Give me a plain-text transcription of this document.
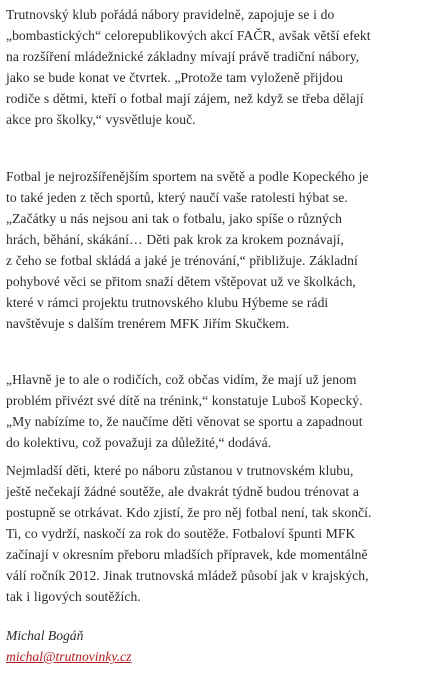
Trutnovský klub pořádá nábory pravidelně, zapojuje se i do
„bombastických“ celorepublikových akcí FAČR, avšak větší efekt
na rozšíření mládežnické základny mívají právě tradiční nábory,
jako se bude konat ve čtvrtek. „Protože tam vyloženě přijdou
rodiče s dětmi, kteří o fotbal mají zájem, než když se třeba dělají
akce pro školky,“ vysvětluje kouč.

Fotbal je nejrozšířenějším sportem na světě a podle Kopeckého je
to také jeden z těch sportů, který naučí vaše ratolesti hýbat se.
„Začátky u nás nejsou ani tak o fotbalu, jako spíše o různých
hrách, běhání, skákání… Děti pak krok za krokem poznávají,
z čeho se fotbal skládá a jaké je trénování,“ přibližuje. Základní
pohybové věci se přitom snaží dětem vštěpovat už ve školkách,
které v rámci projektu trutnovského klubu Hýbeme se rádi
navštěvuje s dalším trenérem MFK Jiřím Skučkem.

„Hlavně je to ale o rodičích, což občas vidím, že mají už jenom
problém přivézt své dítě na trénink,“ konstatuje Luboš Kopecký.
„My nabízíme to, že naučíme děti věnovat se sportu a zapadnout
do kolektivu, což považuji za důležité,“ dodává.

Nejmladší děti, které po náboru zůstanou v trutnovském klubu,
ještě nečekají žádné soutěže, ale dvakrát týdně budou trénovat a
postupně se otrkávat. Kdo zjistí, že pro něj fotbal není, tak skončí.
Ti, co vydrží, naskočí za rok do soutěže. Fotbaloví špunti MFK
začínají v okresním přeboru mladších přípravek, kde momentálně
válí ročník 2012. Jinak trutnovská mládež působí jak v krajských,
tak i ligových soutěžích.

Michal Bogáň
michal@trutnovinky.cz
